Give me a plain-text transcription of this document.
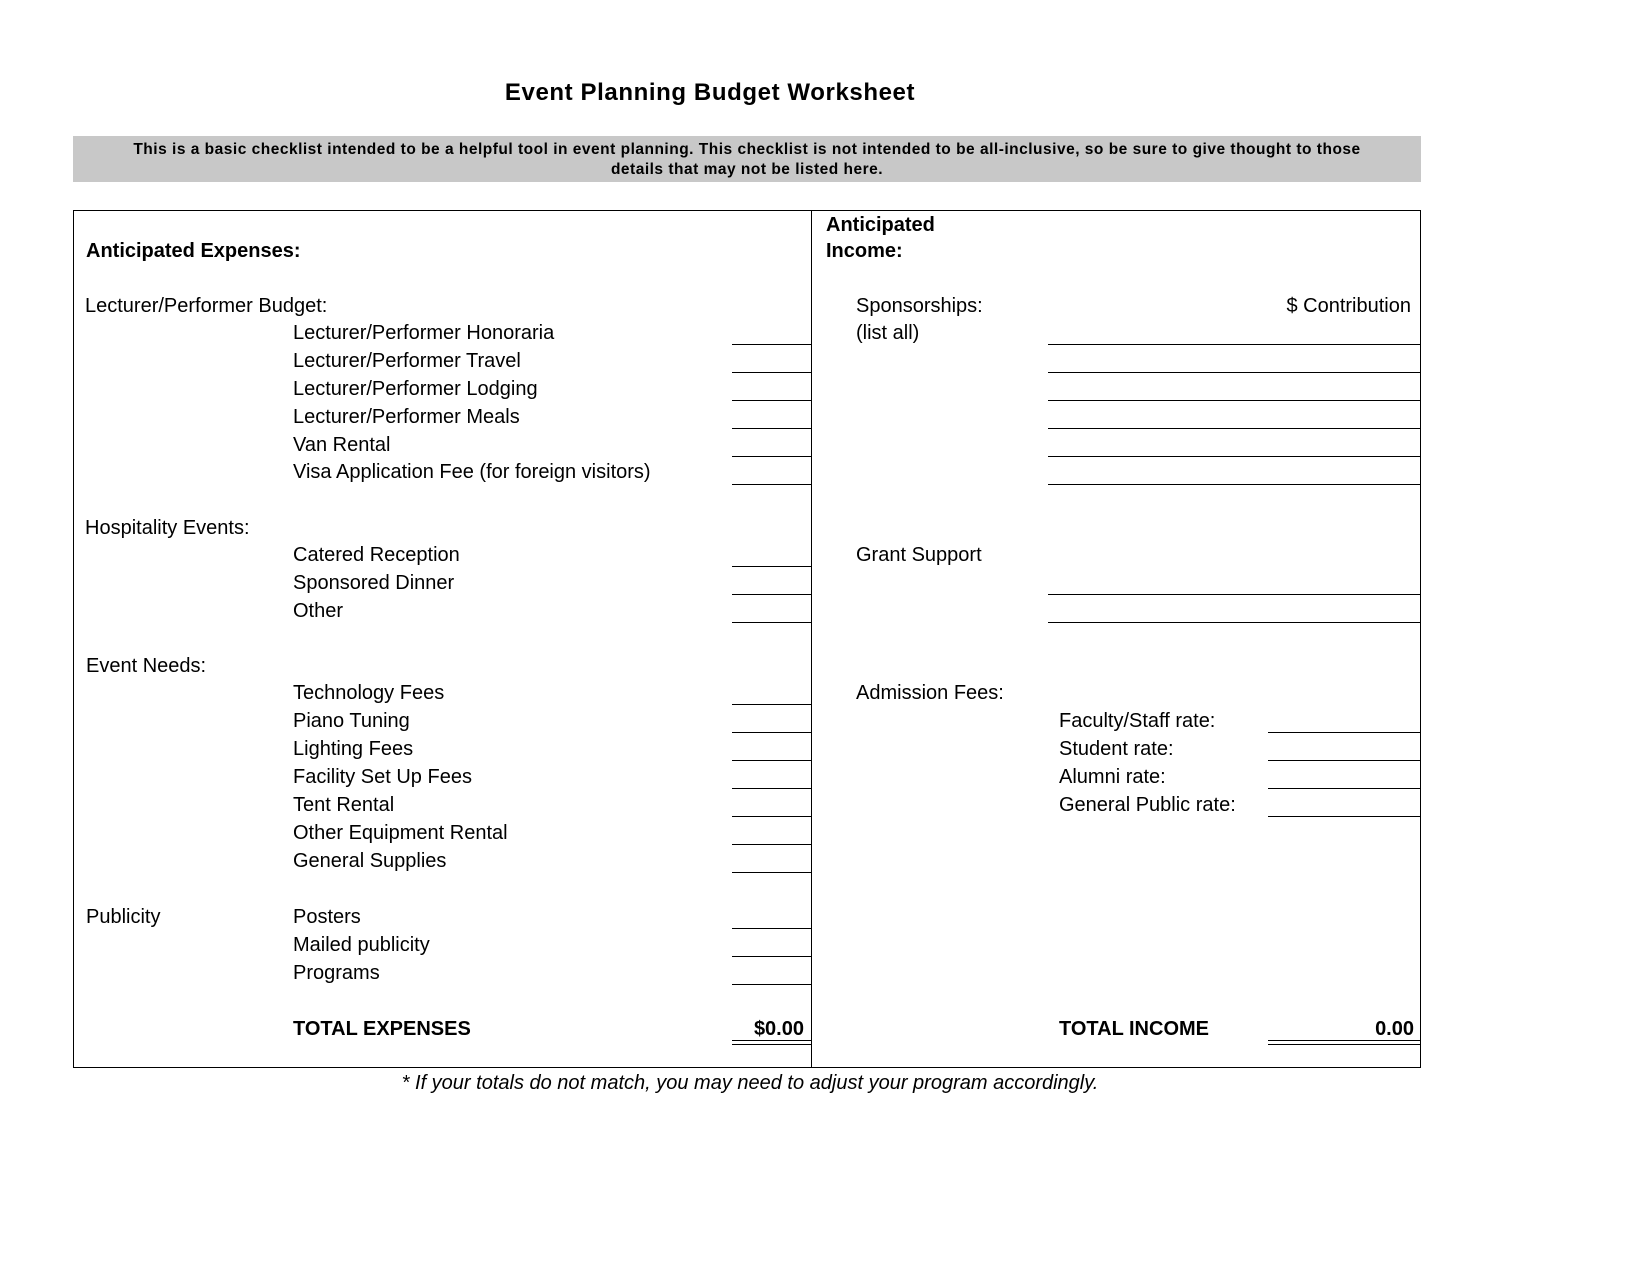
Event Planning Budget Worksheet
This is a basic checklist intended to be a helpful tool in event planning. This checklist is not intended to be all-inclusive, so be sure to give thought to those
details that may not be listed here.
Anticipated Expenses:
Lecturer/Performer Budget:
Lecturer/Performer Honoraria
Lecturer/Performer Travel
Lecturer/Performer Lodging
Lecturer/Performer Meals
Van Rental
Visa Application Fee (for foreign visitors)
Hospitality Events:
Catered Reception
Sponsored Dinner
Other
Event Needs:
Technology Fees
Piano Tuning
Lighting Fees
Facility Set Up Fees
Tent Rental
Other Equipment Rental
General Supplies
Publicity	Posters
Mailed publicity
Programs
TOTAL EXPENSES	$0.00
Anticipated
Income:
Sponsorships:
(list all)
$ Contribution
Grant Support
Admission Fees:
Faculty/Staff rate:
Student rate:
Alumni rate:
General Public rate:
TOTAL INCOME	0.00
* If your totals do not match, you may need to adjust your program accordingly.
